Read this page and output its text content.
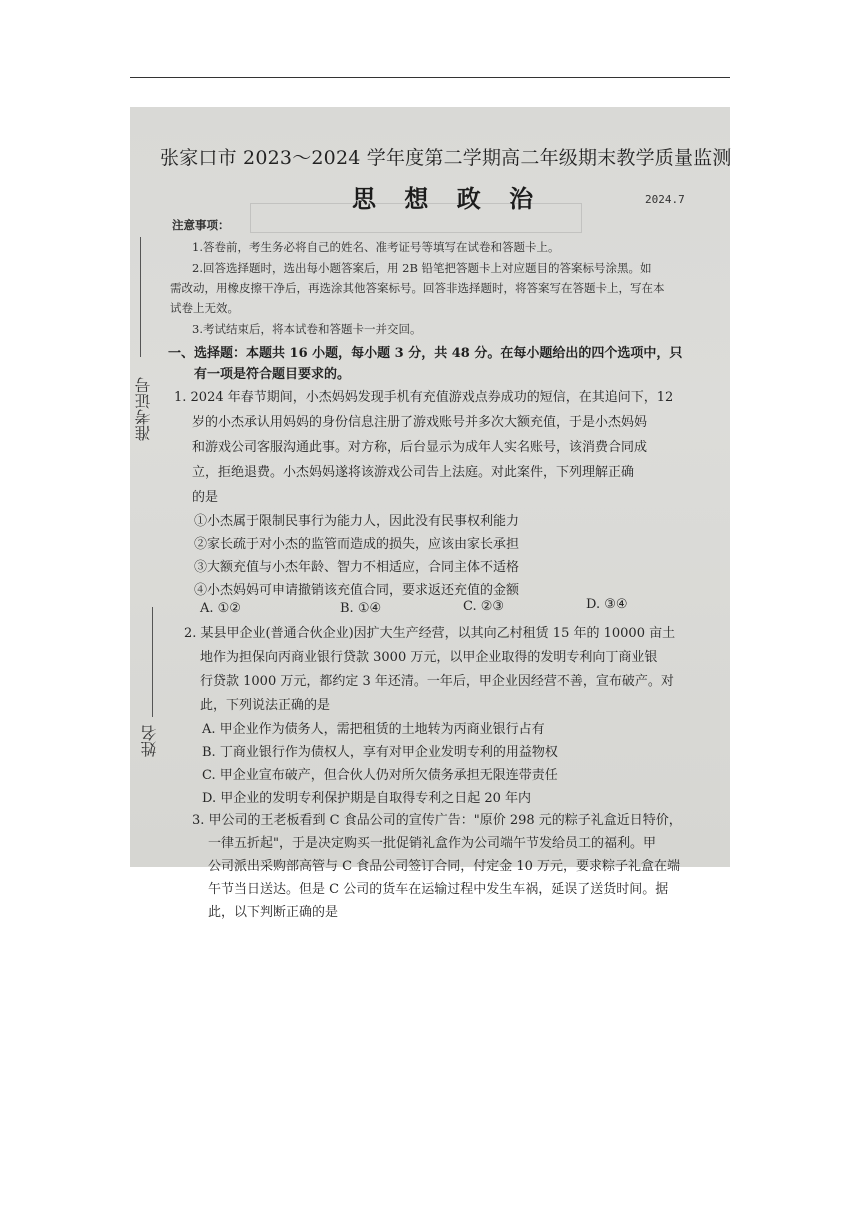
准考证号
姓名
张家口市 2023～2024 学年度第二学期高二年级期末教学质量监测
思 想 政 治	2024.7
注意事项：
1.答卷前，考生务必将自己的姓名、准考证号等填写在试卷和答题卡上。
2.回答选择题时，选出每小题答案后，用 2B 铅笔把答题卡上对应题目的答案标号涂黑。如
需改动，用橡皮擦干净后，再选涂其他答案标号。回答非选择题时，将答案写在答题卡上，写在本
试卷上无效。
3.考试结束后，将本试卷和答题卡一并交回。
一、选择题：本题共 16 小题，每小题 3 分，共 48 分。在每小题给出的四个选项中，只
有一项是符合题目要求的。
1. 2024 年春节期间，小杰妈妈发现手机有充值游戏点券成功的短信，在其追问下，12
岁的小杰承认用妈妈的身份信息注册了游戏账号并多次大额充值，于是小杰妈妈
和游戏公司客服沟通此事。对方称，后台显示为成年人实名账号，该消费合同成
立，拒绝退费。小杰妈妈遂将该游戏公司告上法庭。对此案件，下列理解正确
的是
①小杰属于限制民事行为能力人，因此没有民事权利能力
②家长疏于对小杰的监管而造成的损失，应该由家长承担
③大额充值与小杰年龄、智力不相适应，合同主体不适格
④小杰妈妈可申请撤销该充值合同，要求返还充值的金额
A. ①②	B. ①④	C. ②③	D. ③④
2. 某县甲企业(普通合伙企业)因扩大生产经营，以其向乙村租赁 15 年的 10000 亩土
地作为担保向丙商业银行贷款 3000 万元，以甲企业取得的发明专利向丁商业银
行贷款 1000 万元，都约定 3 年还清。一年后，甲企业因经营不善，宣布破产。对
此，下列说法正确的是
A. 甲企业作为债务人，需把租赁的土地转为丙商业银行占有
B. 丁商业银行作为债权人，享有对甲企业发明专利的用益物权
C. 甲企业宣布破产，但合伙人仍对所欠债务承担无限连带责任
D. 甲企业的发明专利保护期是自取得专利之日起 20 年内
3. 甲公司的王老板看到 C 食品公司的宣传广告："原价 298 元的粽子礼盒近日特价，
一律五折起"，于是决定购买一批促销礼盒作为公司端午节发给员工的福利。甲
公司派出采购部高管与 C 食品公司签订合同，付定金 10 万元，要求粽子礼盒在端
午节当日送达。但是 C 公司的货车在运输过程中发生车祸，延误了送货时间。据
此，以下判断正确的是
